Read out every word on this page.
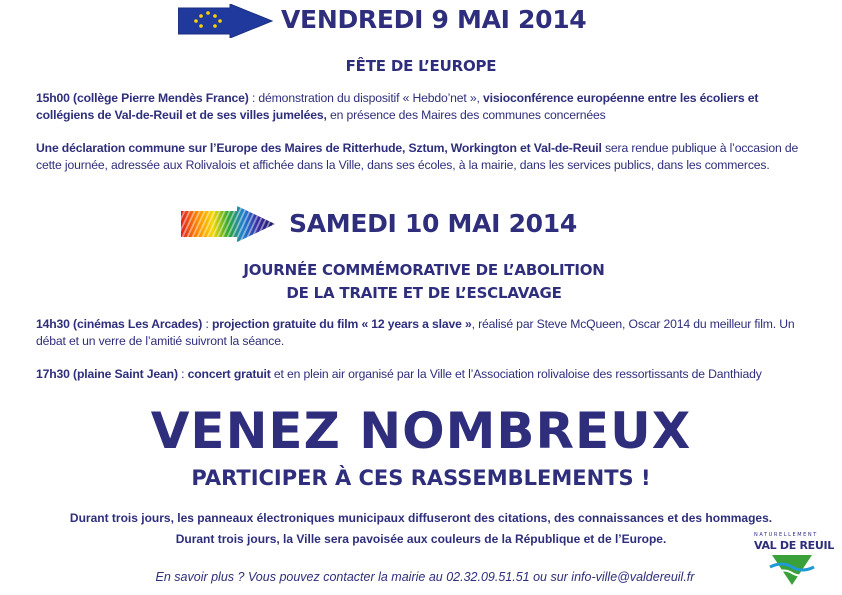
VENDREDI 9 MAI 2014
FÊTE DE L’EUROPE
15h00 (collège Pierre Mendès France) : démonstration du dispositif « Hebdo’net », visioconférence européenne entre les écoliers et collégiens de Val-de-Reuil et de ses villes jumelées, en présence des Maires des communes concernées
Une déclaration commune sur l’Europe des Maires de Ritterhude, Sztum, Workington et Val-de-Reuil sera rendue publique à l’occasion de cette journée, adressée aux Rolivalois et affichée dans la Ville, dans ses écoles, à la mairie, dans les services publics, dans les commerces.
SAMEDI 10 MAI 2014
JOURNÉE COMMÉMORATIVE DE L’ABOLITION
DE LA TRAITE ET DE L’ESCLAVAGE
14h30 (cinémas Les Arcades) : projection gratuite du film « 12 years a slave », réalisé par Steve McQueen, Oscar 2014 du meilleur film. Un débat et un verre de l’amitié suivront la séance.
17h30 (plaine Saint Jean) : concert gratuit et en plein air organisé par la Ville et l’Association rolivaloise des ressortissants de Danthiady
VENEZ NOMBREUX
PARTICIPER À CES RASSEMBLEMENTS !
Durant trois jours, les panneaux électroniques municipaux diffuseront des citations, des connaissances et des hommages.
Durant trois jours, la Ville sera pavoisée aux couleurs de la République et de l’Europe.
En savoir plus ? Vous pouvez contacter la mairie au 02.32.09.51.51 ou sur info-ville@valdereuil.fr
NATURELLEMENT
VAL DE REUIL
